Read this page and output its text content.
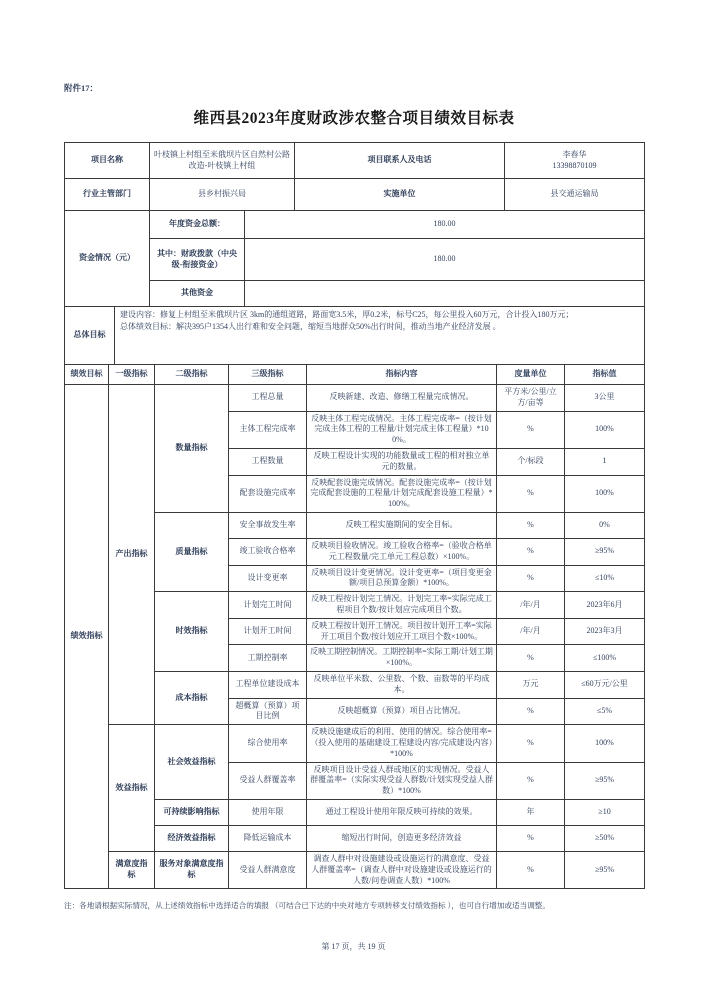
附件17：
维西县2023年度财政涉农整合项目绩效目标表
项目名称	叶枝镇上村组至米俄坝片区自然村公路改造-叶枝镇上村组	项目联系人及电话	李春华
13398870109

行业主管部门	县乡村振兴局	实施单位	县交通运输局
资金情况（元）	年度资金总额：	180.00
	其中：财政拨款（中央级-衔接资金）	180.00
	其他资金	
总体目标	
建设内容：修复上村组至米俄坝片区 3km的通组道路，路面宽3.5米，厚0.2米，标号C25，每公里投入60万元，合计投入180万元；
总体绩效目标：解决395户1354人出行难和安全问题，缩短当地群众50%出行时间，推动当地产业经济发展 。
绩效目标	一级指标	二级指标	三级指标	指标内容	度量单位	指标值
绩效指标	产出指标	数量指标	工程总量	反映新建、改造、修缮工程量完成情况。	平方米/公里/立方/亩等	3公里
			主体工程完成率	反映主体工程完成情况。主体工程完成率=（按计划完成主体工程的工程量/计划完成主体工程量）*100%。	%	100%
			工程数量	反映工程设计实现的功能数量或工程的相对独立单元的数量。	个/标段	1
			配套设施完成率	反映配套设施完成情况。配套设施完成率=（按计划完成配套设施的工程量/计划完成配套设施工程量）*100%。	%	100%
		质量指标	安全事故发生率	反映工程实施期间的安全目标。	%	0%
			竣工验收合格率	反映项目验收情况。竣工验收合格率=（验收合格单元工程数量/完工单元工程总数）×100%。	%	≥95%
			设计变更率	反映项目设计变更情况。设计变更率=（项目变更金额/项目总预算金额）*100%。	%	≤10%
		时效指标	计划完工时间	反映工程按计划完工情况。计划完工率=实际完成工程项目个数/按计划应完成项目个数。	/年/月	2023年6月
			计划开工时间	反映工程按计划开工情况。项目按计划开工率=实际开工项目个数/按计划应开工项目个数×100%。	/年/月	2023年3月
			工期控制率	反映工期控制情况。工期控制率=实际工期/计划工期×100%。	%	≤100%
		成本指标	工程单位建设成本	反映单位平米数、公里数、个数、亩数等的平均成本。	万元	≤60万元/公里
			超概算（预算）项目比例	反映超概算（预算）项目占比情况。	%	≤5%
	效益指标	社会效益指标	综合使用率	反映设施建成后的利用、使用的情况。综合使用率=（投入使用的基础建设工程建设内容/完成建设内容）*100%	%	100%
			受益人群覆盖率	反映项目设计受益人群或地区的实现情况。受益人群覆盖率=（实际实现受益人群数/计划实现受益人群数）*100%	%	≥95%
		可持续影响指标	使用年限	通过工程设计使用年限反映可持续的效果。	年	≥10
		经济效益指标	降低运输成本	缩短出行时间，创造更多经济效益	%	≥50%
	满意度指标	服务对象满意度指标	受益人群满意度	调查人群中对设施建设或设施运行的满意度、受益人群覆盖率=（调查人群中对设施建设或设施运行的人数/问卷调查人数）*100%	%	≥95%
注：各地请根据实际情况，从上述绩效指标中选择适合的填报 （可结合已下达的中央对地方专项转移支付绩效指标 ），也可自行增加或适当调整。
第 17 页，共 19 页
